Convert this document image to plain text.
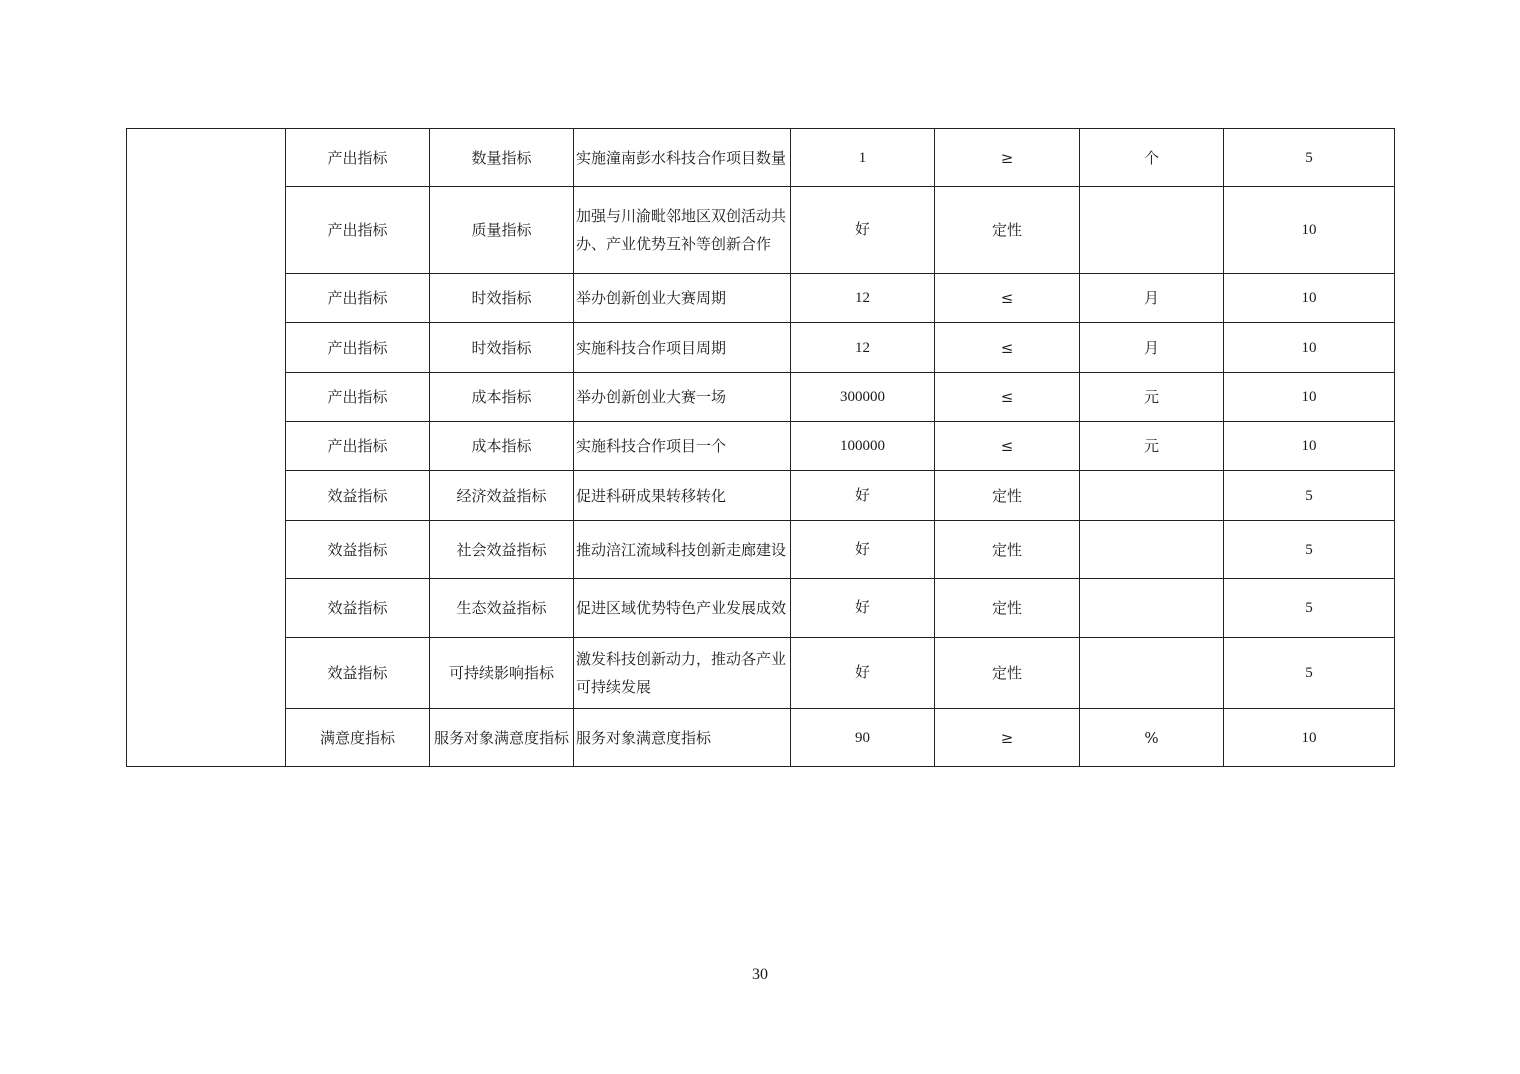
	产出指标	数量指标	实施潼南彭水科技合作项目数量	1	≥	个	5
	产出指标	质量指标	加强与川渝毗邻地区双创活动共办、产业优势互补等创新合作	好	定性		10
	产出指标	时效指标	举办创新创业大赛周期	12	≤	月	10
	产出指标	时效指标	实施科技合作项目周期	12	≤	月	10
	产出指标	成本指标	举办创新创业大赛一场	300000	≤	元	10
	产出指标	成本指标	实施科技合作项目一个	100000	≤	元	10
	效益指标	经济效益指标	促进科研成果转移转化	好	定性		5
	效益指标	社会效益指标	推动涪江流域科技创新走廊建设	好	定性		5
	效益指标	生态效益指标	促进区域优势特色产业发展成效	好	定性		5
	效益指标	可持续影响指标	激发科技创新动力，推动各产业可持续发展	好	定性		5
	满意度指标	服务对象满意度指标	服务对象满意度指标	90	≥	%	10
30
